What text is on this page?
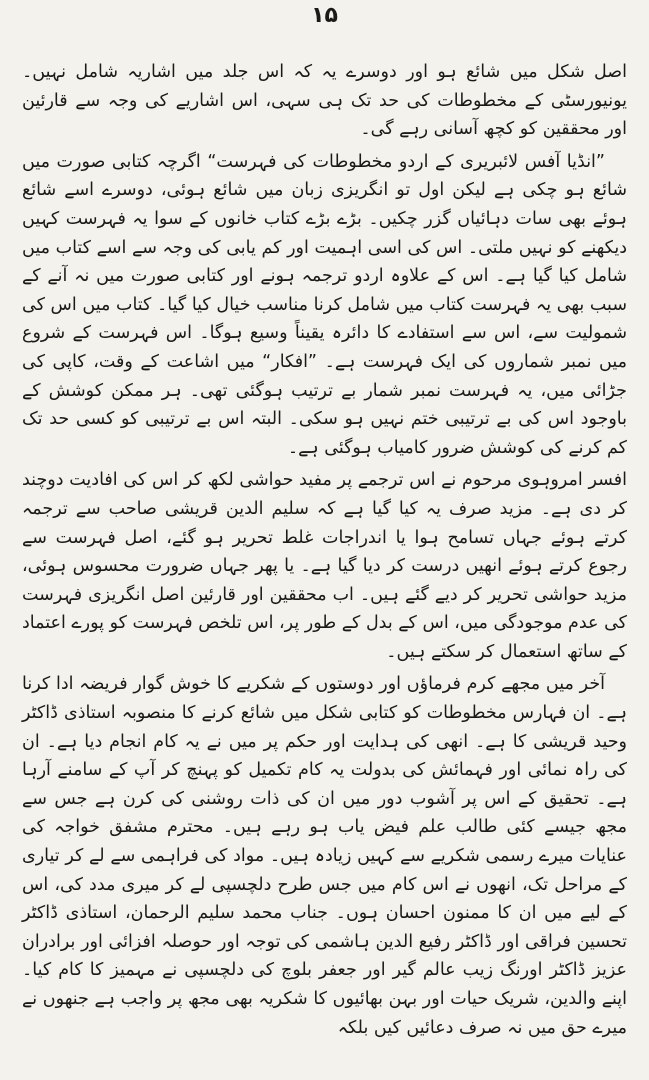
۱۵

اصل شکل میں شائع ہو اور دوسرے یہ کہ اس جلد میں اشاریہ شامل نہیں۔ یونیورسٹی کے مخطوطات کی حد تک ہی سہی، اس اشاریے کی وجہ سے قارئین اور محققین کو کچھ آسانی رہے گی۔

”انڈیا آفس لائبریری کے اردو مخطوطات کی فہرست“ اگرچہ کتابی صورت میں شائع ہو چکی ہے لیکن اول تو انگریزی زبان میں شائع ہوئی، دوسرے اسے شائع ہوئے بھی سات دہائیاں گزر چکیں۔ بڑے بڑے کتاب خانوں کے سوا یہ فہرست کہیں دیکھنے کو نہیں ملتی۔ اس کی اسی اہمیت اور کم یابی کی وجہ سے اسے کتاب میں شامل کیا گیا ہے۔ اس کے علاوہ اردو ترجمہ ہونے اور کتابی صورت میں نہ آنے کے سبب بھی یہ فہرست کتاب میں شامل کرنا مناسب خیال کیا گیا۔ کتاب میں اس کی شمولیت سے، اس سے استفادے کا دائرہ یقیناً وسیع ہوگا۔ اس فہرست کے شروع میں نمبر شماروں کی ایک فہرست ہے۔ ”افکار“ میں اشاعت کے وقت، کاپی کی جڑائی میں، یہ فہرست نمبر شمار بے ترتیب ہوگئی تھی۔ ہر ممکن کوشش کے باوجود اس کی بے ترتیبی ختم نہیں ہو سکی۔ البتہ اس بے ترتیبی کو کسی حد تک کم کرنے کی کوشش ضرور کامیاب ہوگئی ہے۔

افسر امروہوی مرحوم نے اس ترجمے پر مفید حواشی لکھ کر اس کی افادیت دوچند کر دی ہے۔ مزید صرف یہ کیا گیا ہے کہ سلیم الدین قریشی صاحب سے ترجمہ کرتے ہوئے جہاں تسامح ہوا یا اندراجات غلط تحریر ہو گئے، اصل فہرست سے رجوع کرتے ہوئے انھیں درست کر دیا گیا ہے۔ یا پھر جہاں ضرورت محسوس ہوئی، مزید حواشی تحریر کر دیے گئے ہیں۔ اب محققین اور قارئین اصل انگریزی فہرست کی عدم موجودگی میں، اس کے بدل کے طور پر، اس تلخص فہرست کو پورے اعتماد کے ساتھ استعمال کر سکتے ہیں۔

آخر میں مجھے کرم فرماؤں اور دوستوں کے شکریے کا خوش گوار فریضہ ادا کرنا ہے۔ ان فہارس مخطوطات کو کتابی شکل میں شائع کرنے کا منصوبہ استاذی ڈاکٹر وحید قریشی کا ہے۔ انھی کی ہدایت اور حکم پر میں نے یہ کام انجام دیا ہے۔ ان کی راہ نمائی اور فہمائش کی بدولت یہ کام تکمیل کو پہنچ کر آپ کے سامنے آرہا ہے۔ تحقیق کے اس پر آشوب دور میں ان کی ذات روشنی کی کرن ہے جس سے مجھ جیسے کئی طالب علم فیض یاب ہو رہے ہیں۔ محترم مشفق خواجہ کی عنایات میرے رسمی شکریے سے کہیں زیادہ ہیں۔ مواد کی فراہمی سے لے کر تیاری کے مراحل تک، انھوں نے اس کام میں جس طرح دلچسپی لے کر میری مدد کی، اس کے لیے میں ان کا ممنون احسان ہوں۔ جناب محمد سلیم الرحمان، استاذی ڈاکٹر تحسین فراقی اور ڈاکٹر رفیع الدین ہاشمی کی توجہ اور حوصلہ افزائی اور برادران عزیز ڈاکٹر اورنگ زیب عالم گیر اور جعفر بلوچ کی دلچسپی نے مہمیز کا کام کیا۔ اپنے والدین، شریک حیات اور بہن بھائیوں کا شکریہ بھی مجھ پر واجب ہے جنھوں نے میرے حق میں نہ صرف دعائیں کیں بلکہ
